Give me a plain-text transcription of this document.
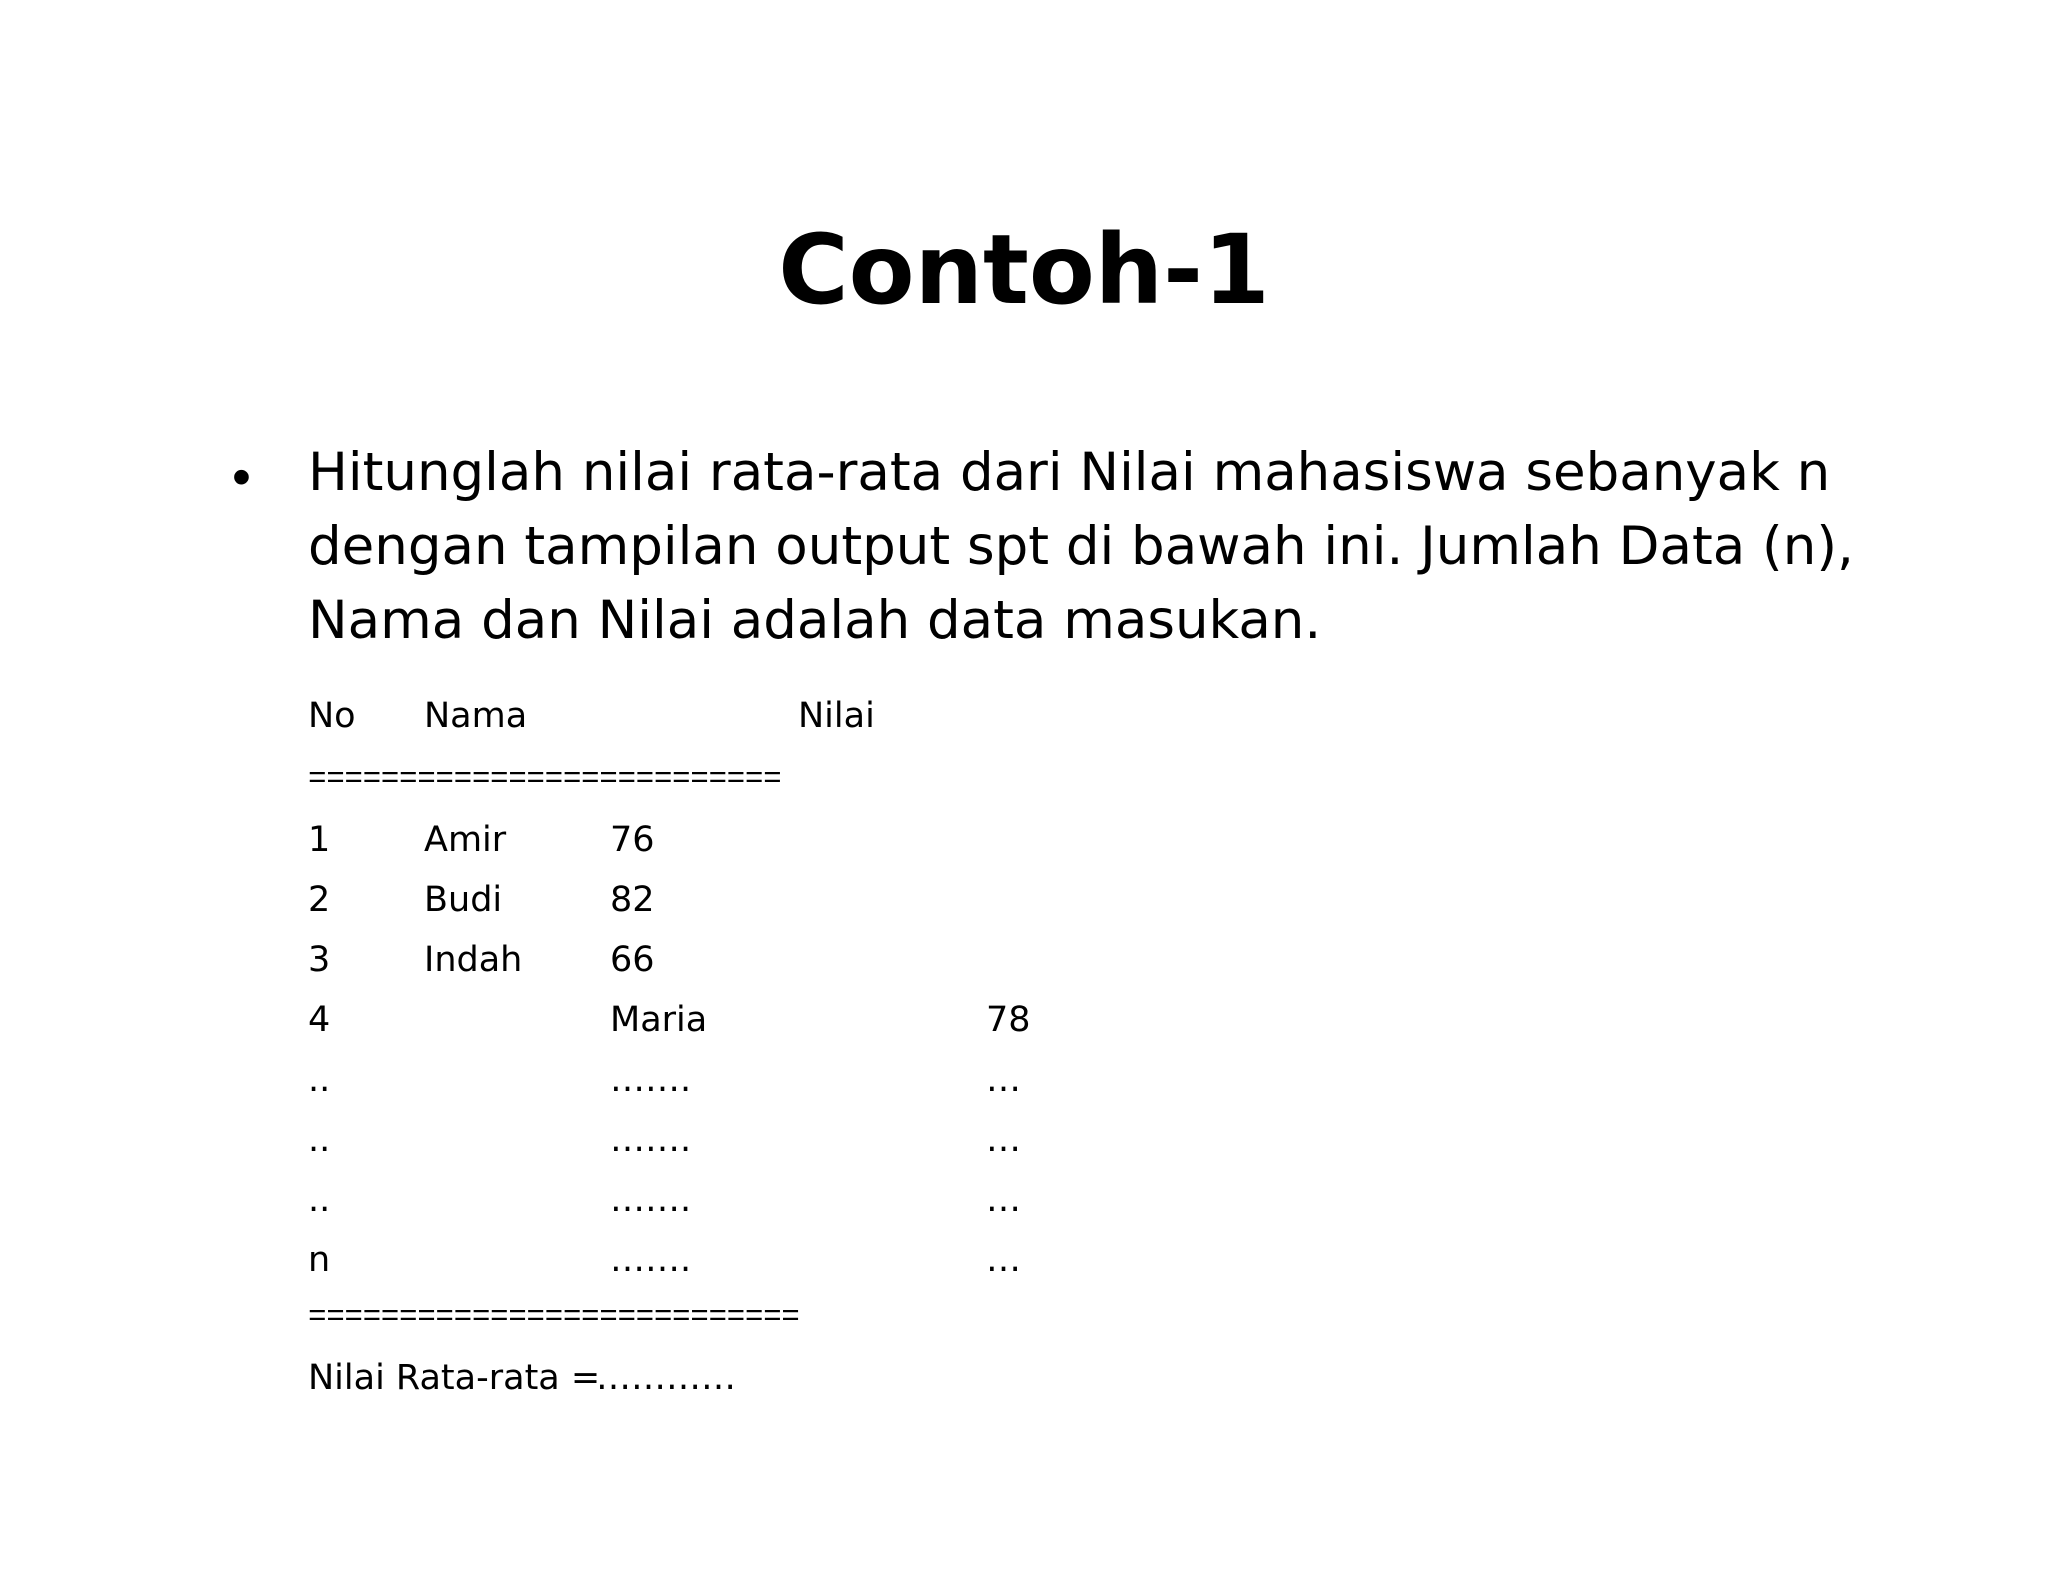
Contoh-1
• Hitunglah nilai rata-rata dari Nilai mahasiswa sebanyak n dengan tampilan output spt di bawah ini. Jumlah Data (n), Nama dan Nilai adalah data masukan.

No Nama	Nilai
==========================
1	Amir	76
2	Budi	82
3	Indah	66
4	Maria	78
..	…….	…
..	…….	…
..	…….	…
n	…….	…
===========================
Nilai Rata-rata =
…………
